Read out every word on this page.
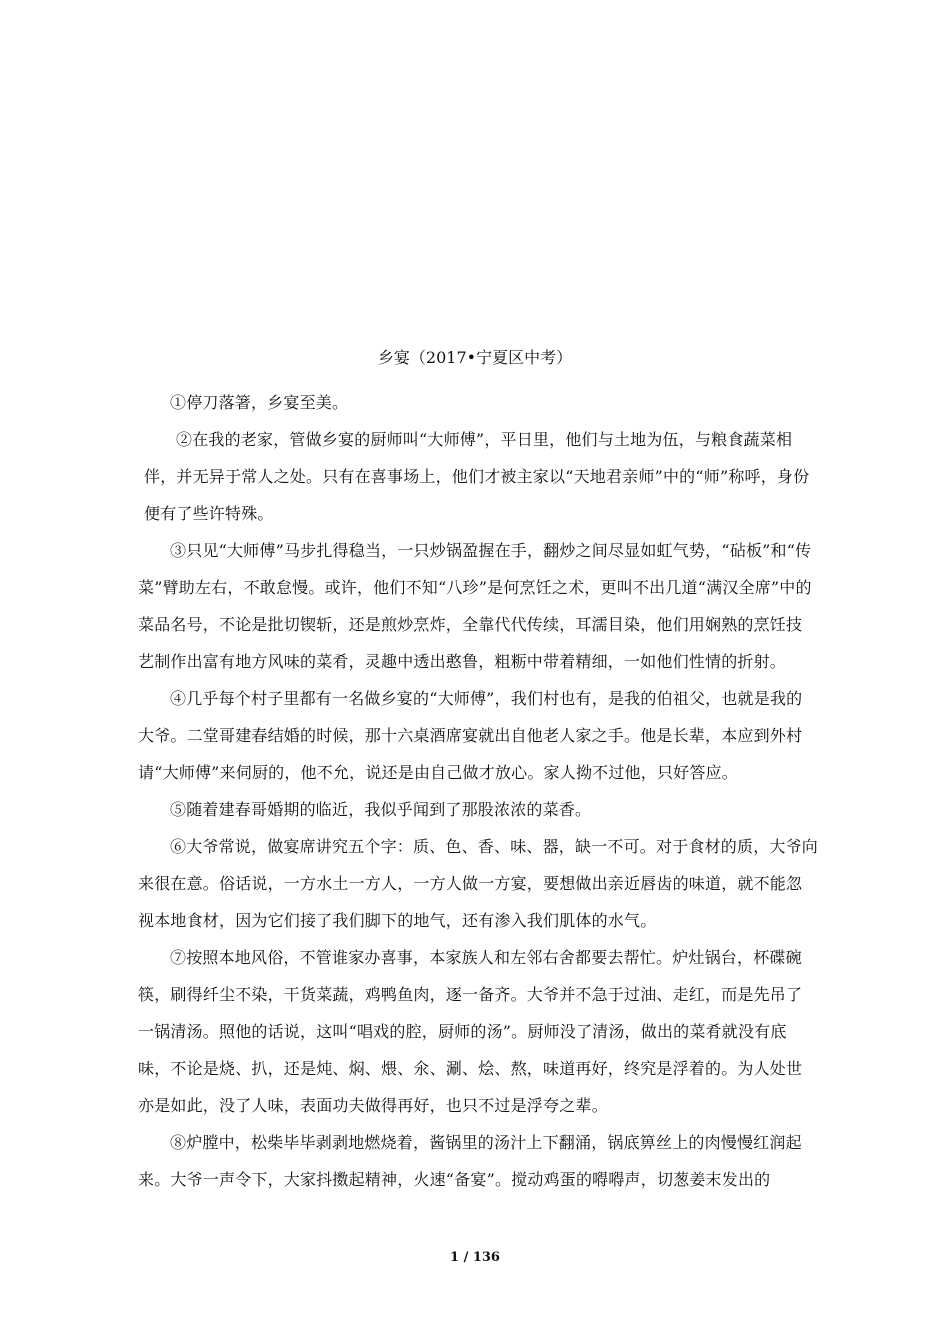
乡宴（2017•宁夏区中考）

①停刀落箸，乡宴至美。

②在我的老家，管做乡宴的厨师叫“大师傅”，平日里，他们与土地为伍，与粮食蔬菜相伴，并无异于常人之处。只有在喜事场上，他们才被主家以“天地君亲师”中的“师”称呼，身份便有了些许特殊。

③只见“大师傅”马步扎得稳当，一只炒锅盈握在手，翻炒之间尽显如虹气势，“砧板”和“传菜”臂助左右，不敢怠慢。或许，他们不知“八珍”是何烹饪之术，更叫不出几道“满汉全席”中的菜品名号，不论是批切锲斩，还是煎炒烹炸，全靠代代传续，耳濡目染，他们用娴熟的烹饪技艺制作出富有地方风味的菜肴，灵趣中透出憨鲁，粗粝中带着精细，一如他们性情的折射。

④几乎每个村子里都有一名做乡宴的“大师傅”，我们村也有，是我的伯祖父，也就是我的大爷。二堂哥建春结婚的时候，那十六桌酒席宴就出自他老人家之手。他是长辈，本应到外村请“大师傅”来伺厨的，他不允，说还是由自己做才放心。家人拗不过他，只好答应。

⑤随着建春哥婚期的临近，我似乎闻到了那股浓浓的菜香。

⑥大爷常说，做宴席讲究五个字：质、色、香、味、器，缺一不可。对于食材的质，大爷向来很在意。俗话说，一方水土一方人，一方人做一方宴，要想做出亲近唇齿的味道，就不能忽视本地食材，因为它们接了我们脚下的地气，还有渗入我们肌体的水气。

⑦按照本地风俗，不管谁家办喜事，本家族人和左邻右舍都要去帮忙。炉灶锅台，杯碟碗筷，刷得纤尘不染，干货菜蔬，鸡鸭鱼肉，逐一备齐。大爷并不急于过油、走红，而是先吊了一锅清汤。照他的话说，这叫“唱戏的腔，厨师的汤”。厨师没了清汤，做出的菜肴就没有底味，不论是烧、扒，还是炖、焖、煨、氽、涮、烩、熬，味道再好，终究是浮着的。为人处世亦是如此，没了人味，表面功夫做得再好，也只不过是浮夸之辈。

⑧炉膛中，松柴毕毕剥剥地燃烧着，酱锅里的汤汁上下翻涌，锅底箅丝上的肉慢慢红润起来。大爷一声令下，大家抖擞起精神，火速“备宴”。搅动鸡蛋的嘚嘚声，切葱姜末发出的

1 / 136
